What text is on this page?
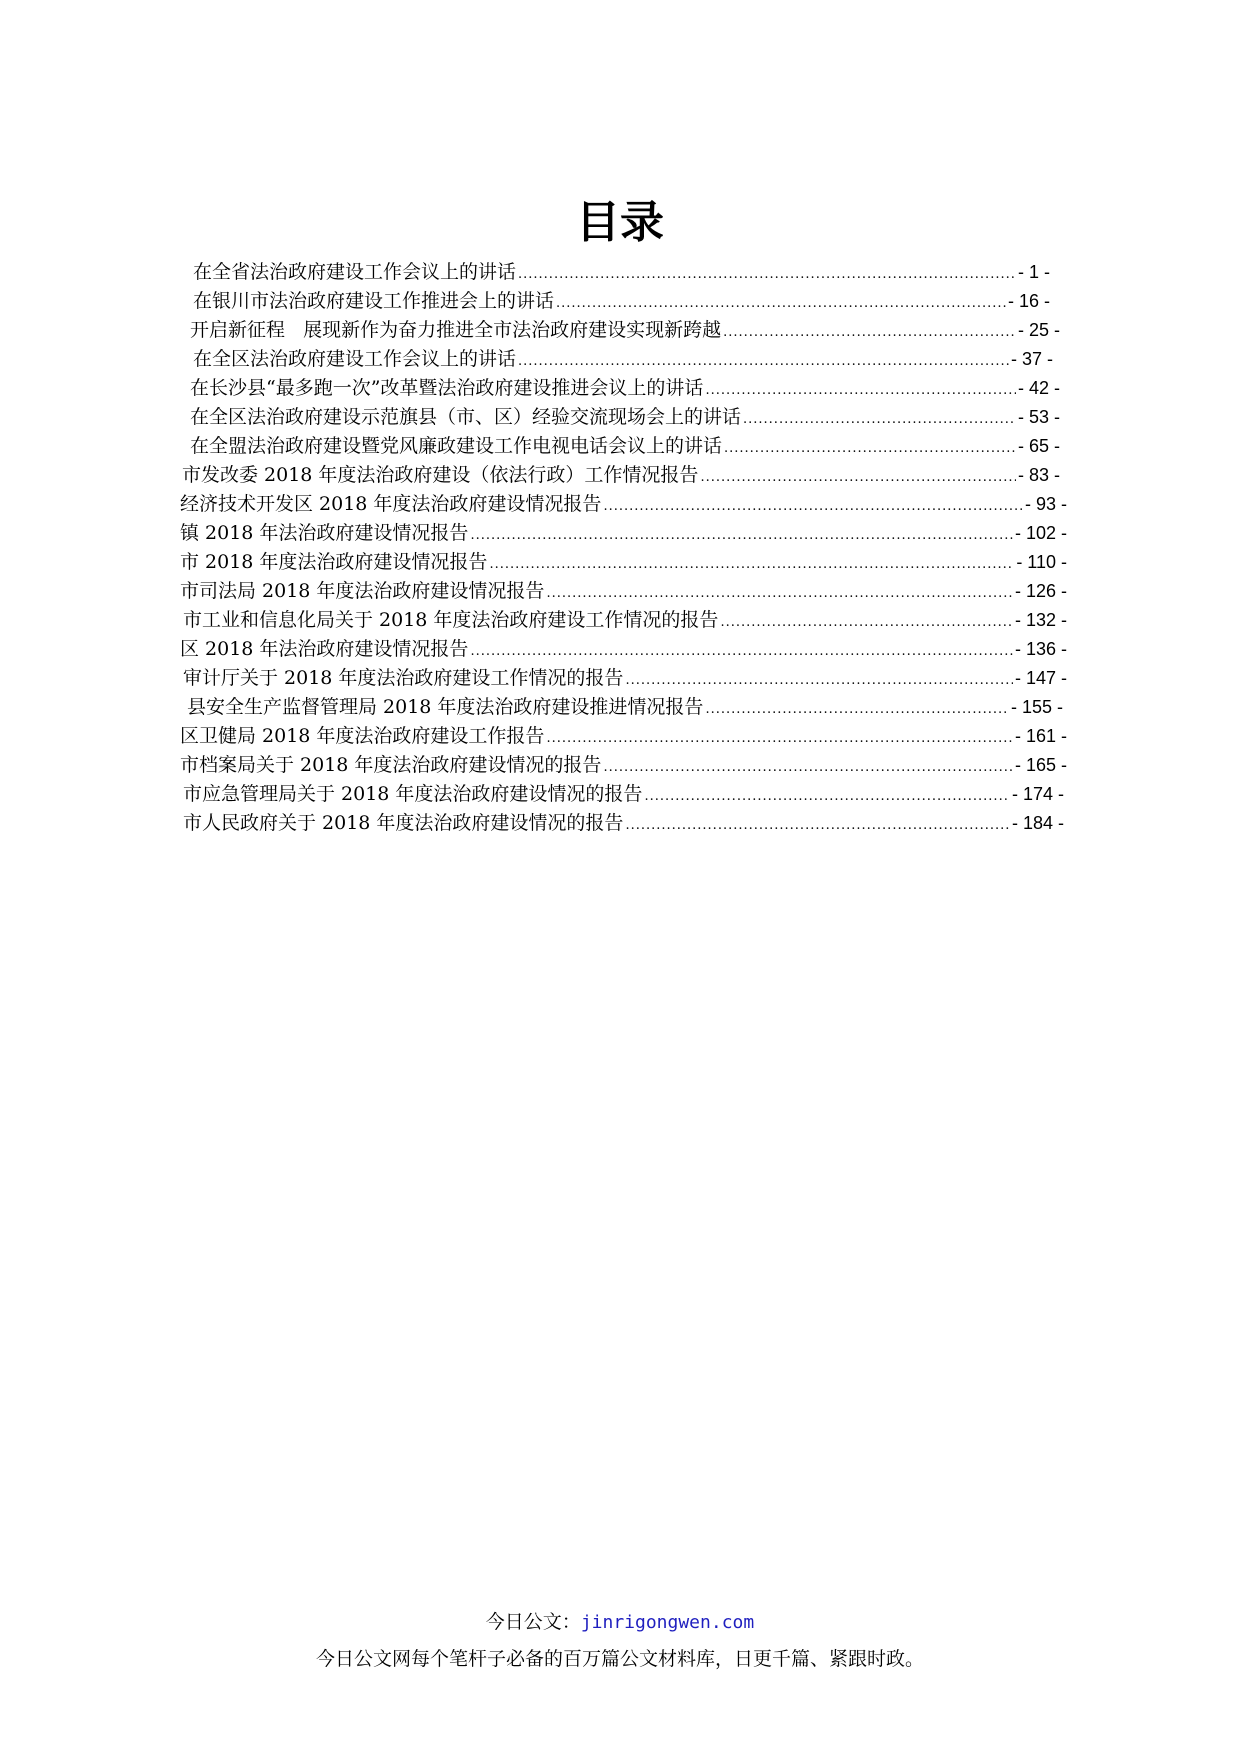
目录
在全省法治政府建设工作会议上的讲话 .....	- 1 -
在银川市法治政府建设工作推进会上的讲话 .....	- 16 -
开启新征程   展现新作为奋力推进全市法治政府建设实现新跨越 .....	- 25 -
在全区法治政府建设工作会议上的讲话 .....	- 37 -
在长沙县“最多跑一次”改革暨法治政府建设推进会议上的讲话 .....	- 42 -
在全区法治政府建设示范旗县（市、区）经验交流现场会上的讲话 .....	- 53 -
在全盟法治政府建设暨党风廉政建设工作电视电话会议上的讲话 .....	- 65 -
市发改委 2018 年度法治政府建设（依法行政）工作情况报告 .....	- 83 -
经济技术开发区 2018 年度法治政府建设情况报告 .....	- 93 -
镇 2018 年法治政府建设情况报告 .....	- 102 -
市 2018 年度法治政府建设情况报告 .....	- 110 -
市司法局 2018 年度法治政府建设情况报告 .....	- 126 -
市工业和信息化局关于 2018 年度法治政府建设工作情况的报告 .....	- 132 -
区 2018 年法治政府建设情况报告 .....	- 136 -
审计厅关于 2018 年度法治政府建设工作情况的报告 .....	- 147 -
县安全生产监督管理局 2018 年度法治政府建设推进情况报告 .....	- 155 -
区卫健局 2018 年度法治政府建设工作报告 .....	- 161 -
市档案局关于 2018 年度法治政府建设情况的报告 .....	- 165 -
市应急管理局关于 2018 年度法治政府建设情况的报告 .....	- 174 -
市人民政府关于 2018 年度法治政府建设情况的报告 .....	- 184 -
今日公文：jinrigongwen.com
今日公文网每个笔杆子必备的百万篇公文材料库，日更千篇、紧跟时政。
